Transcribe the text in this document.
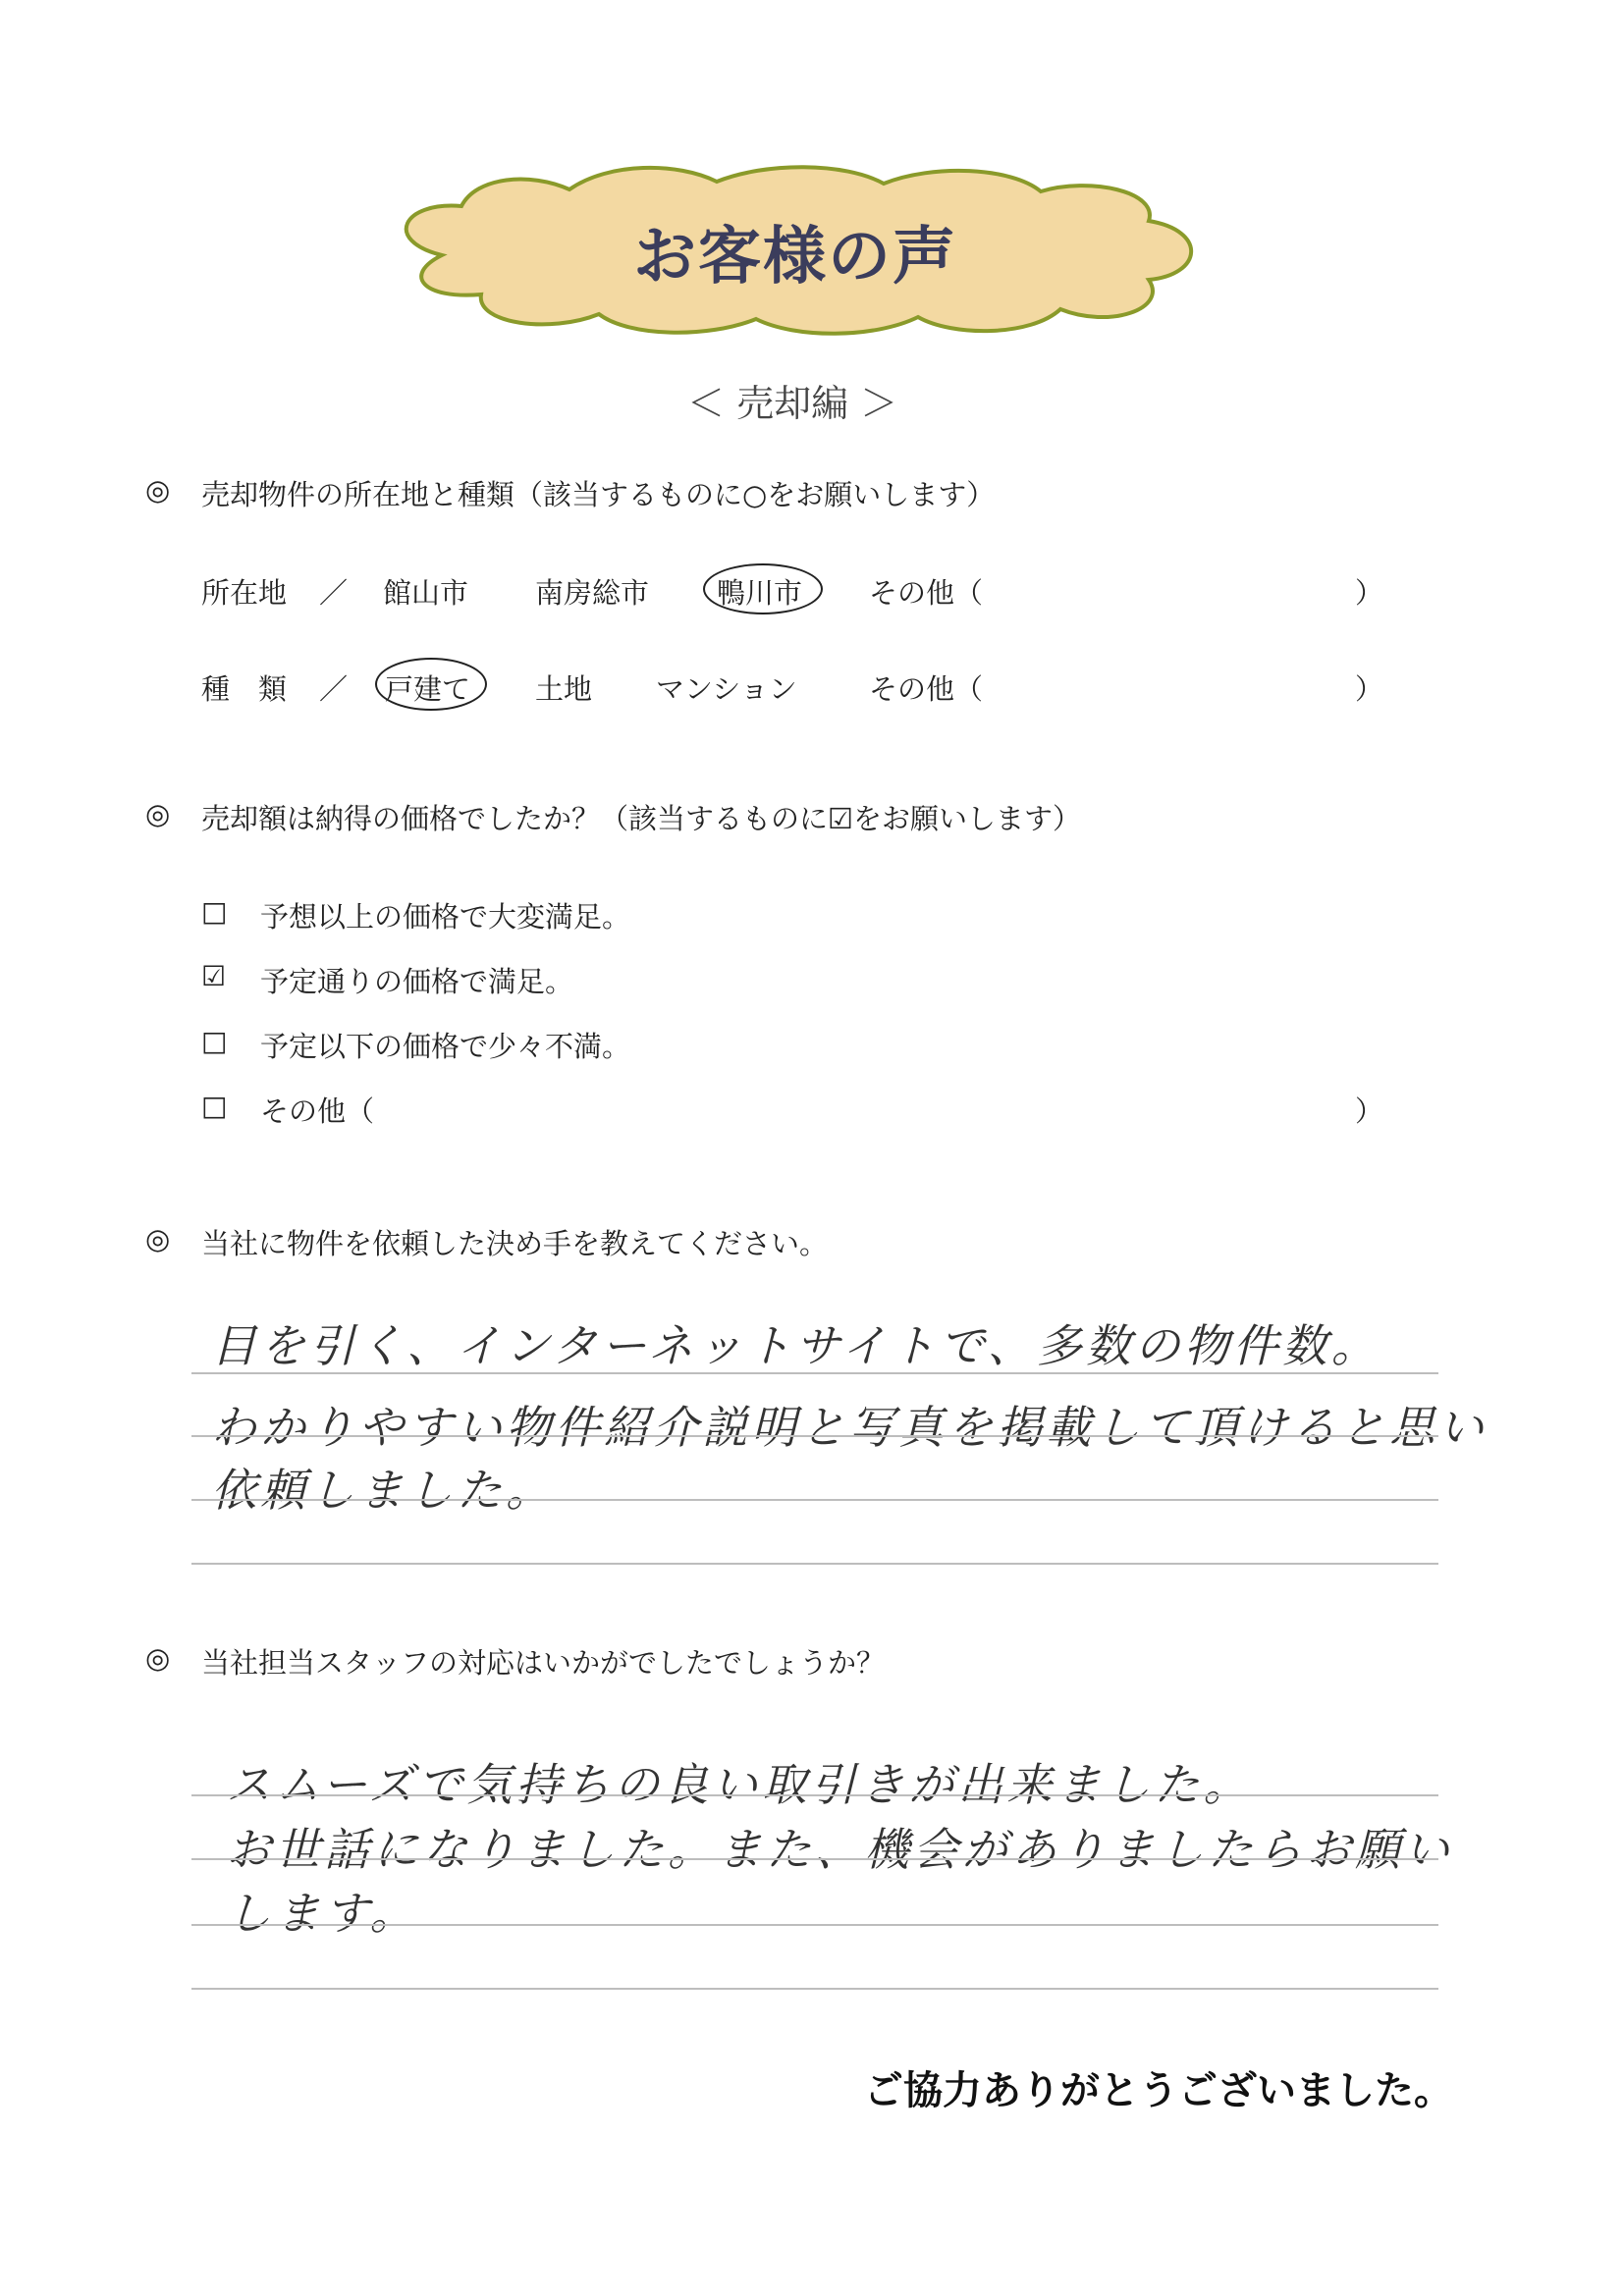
お客様の声
＜ 売却編 ＞
◎ 売却物件の所在地と種類（該当するものに○をお願いします）
所在地 ／ 館山市 南房総市 鴨川市 その他（	）
種　類 ／ 戸建て 土地 マンション	その他（	）
◎ 売却額は納得の価格でしたか？（該当するものに☑をお願いします）
□ 予想以上の価格で大変満足。
☑ 予定通りの価格で満足。
□ 予定以下の価格で少々不満。
□ その他（	）
◎ 当社に物件を依頼した決め手を教えてください。
目を引く、インターネットサイトで、多数の物件数。
わかりやすい物件紹介説明と写真を掲載して頂けると思い
依頼しました。
◎ 当社担当スタッフの対応はいかがでしたでしょうか？
スムーズで気持ちの良い取引きが出来ました。
お世話になりました。また、機会がありましたらお願い
します。
ご協力ありがとうございました。
